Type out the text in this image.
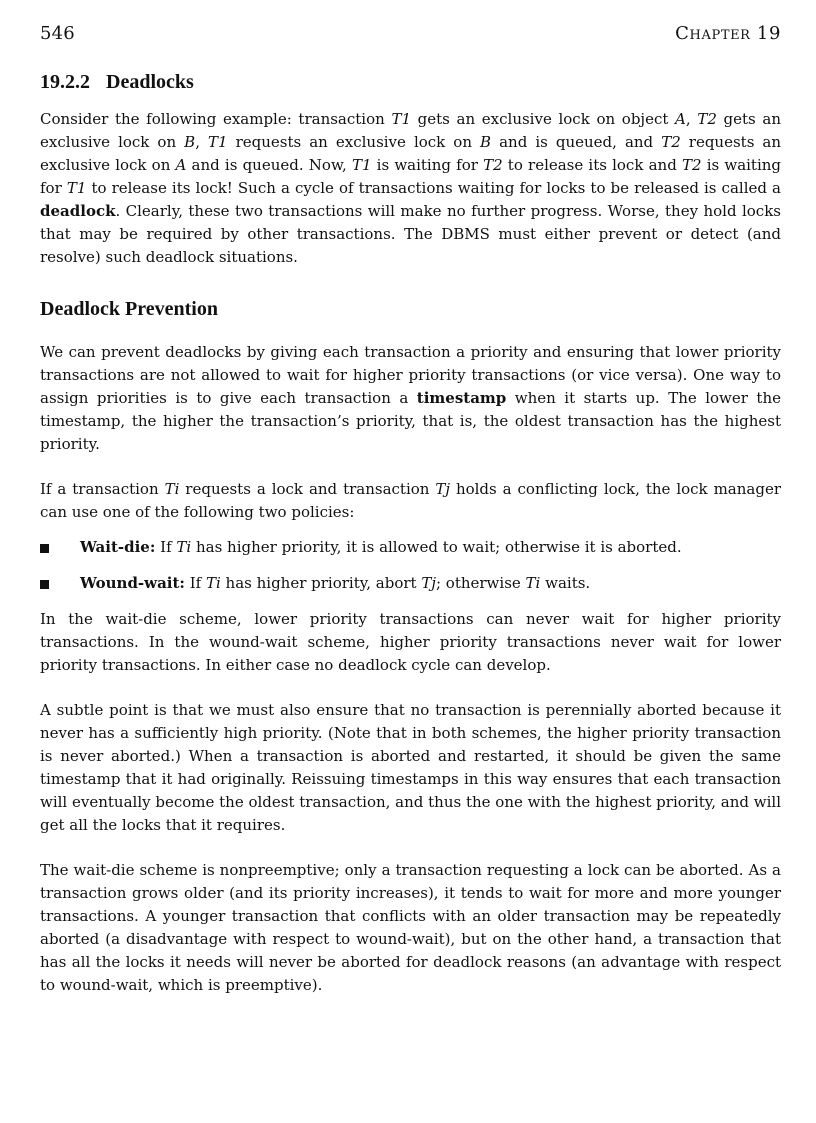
546	Chapter 19
19.2.2 Deadlocks

Consider the following example: transaction T1 gets an exclusive lock on object A, T2 gets an exclusive lock on B, T1 requests an exclusive lock on B and is queued, and T2 requests an exclusive lock on A and is queued. Now, T1 is waiting for T2 to release its lock and T2 is waiting for T1 to release its lock! Such a cycle of transactions waiting for locks to be released is called a deadlock. Clearly, these two transactions will make no further progress. Worse, they hold locks that may be required by other transactions. The DBMS must either prevent or detect (and resolve) such deadlock situations.

Deadlock Prevention

We can prevent deadlocks by giving each transaction a priority and ensuring that lower priority transactions are not allowed to wait for higher priority transactions (or vice versa). One way to assign priorities is to give each transaction a timestamp when it starts up. The lower the timestamp, the higher the transaction’s priority, that is, the oldest transaction has the highest priority.

If a transaction Ti requests a lock and transaction Tj holds a conflicting lock, the lock manager can use one of the following two policies:

Wait-die: If Ti has higher priority, it is allowed to wait; otherwise it is aborted.
Wound-wait: If Ti has higher priority, abort Tj; otherwise Ti waits.

In the wait-die scheme, lower priority transactions can never wait for higher priority transactions. In the wound-wait scheme, higher priority transactions never wait for lower priority transactions. In either case no deadlock cycle can develop.

A subtle point is that we must also ensure that no transaction is perennially aborted because it never has a sufficiently high priority. (Note that in both schemes, the higher priority transaction is never aborted.) When a transaction is aborted and restarted, it should be given the same timestamp that it had originally. Reissuing timestamps in this way ensures that each transaction will eventually become the oldest transaction, and thus the one with the highest priority, and will get all the locks that it requires.

The wait-die scheme is nonpreemptive; only a transaction requesting a lock can be aborted. As a transaction grows older (and its priority increases), it tends to wait for more and more younger transactions. A younger transaction that conflicts with an older transaction may be repeatedly aborted (a disadvantage with respect to wound-wait), but on the other hand, a transaction that has all the locks it needs will never be aborted for deadlock reasons (an advantage with respect to wound-wait, which is preemptive).
